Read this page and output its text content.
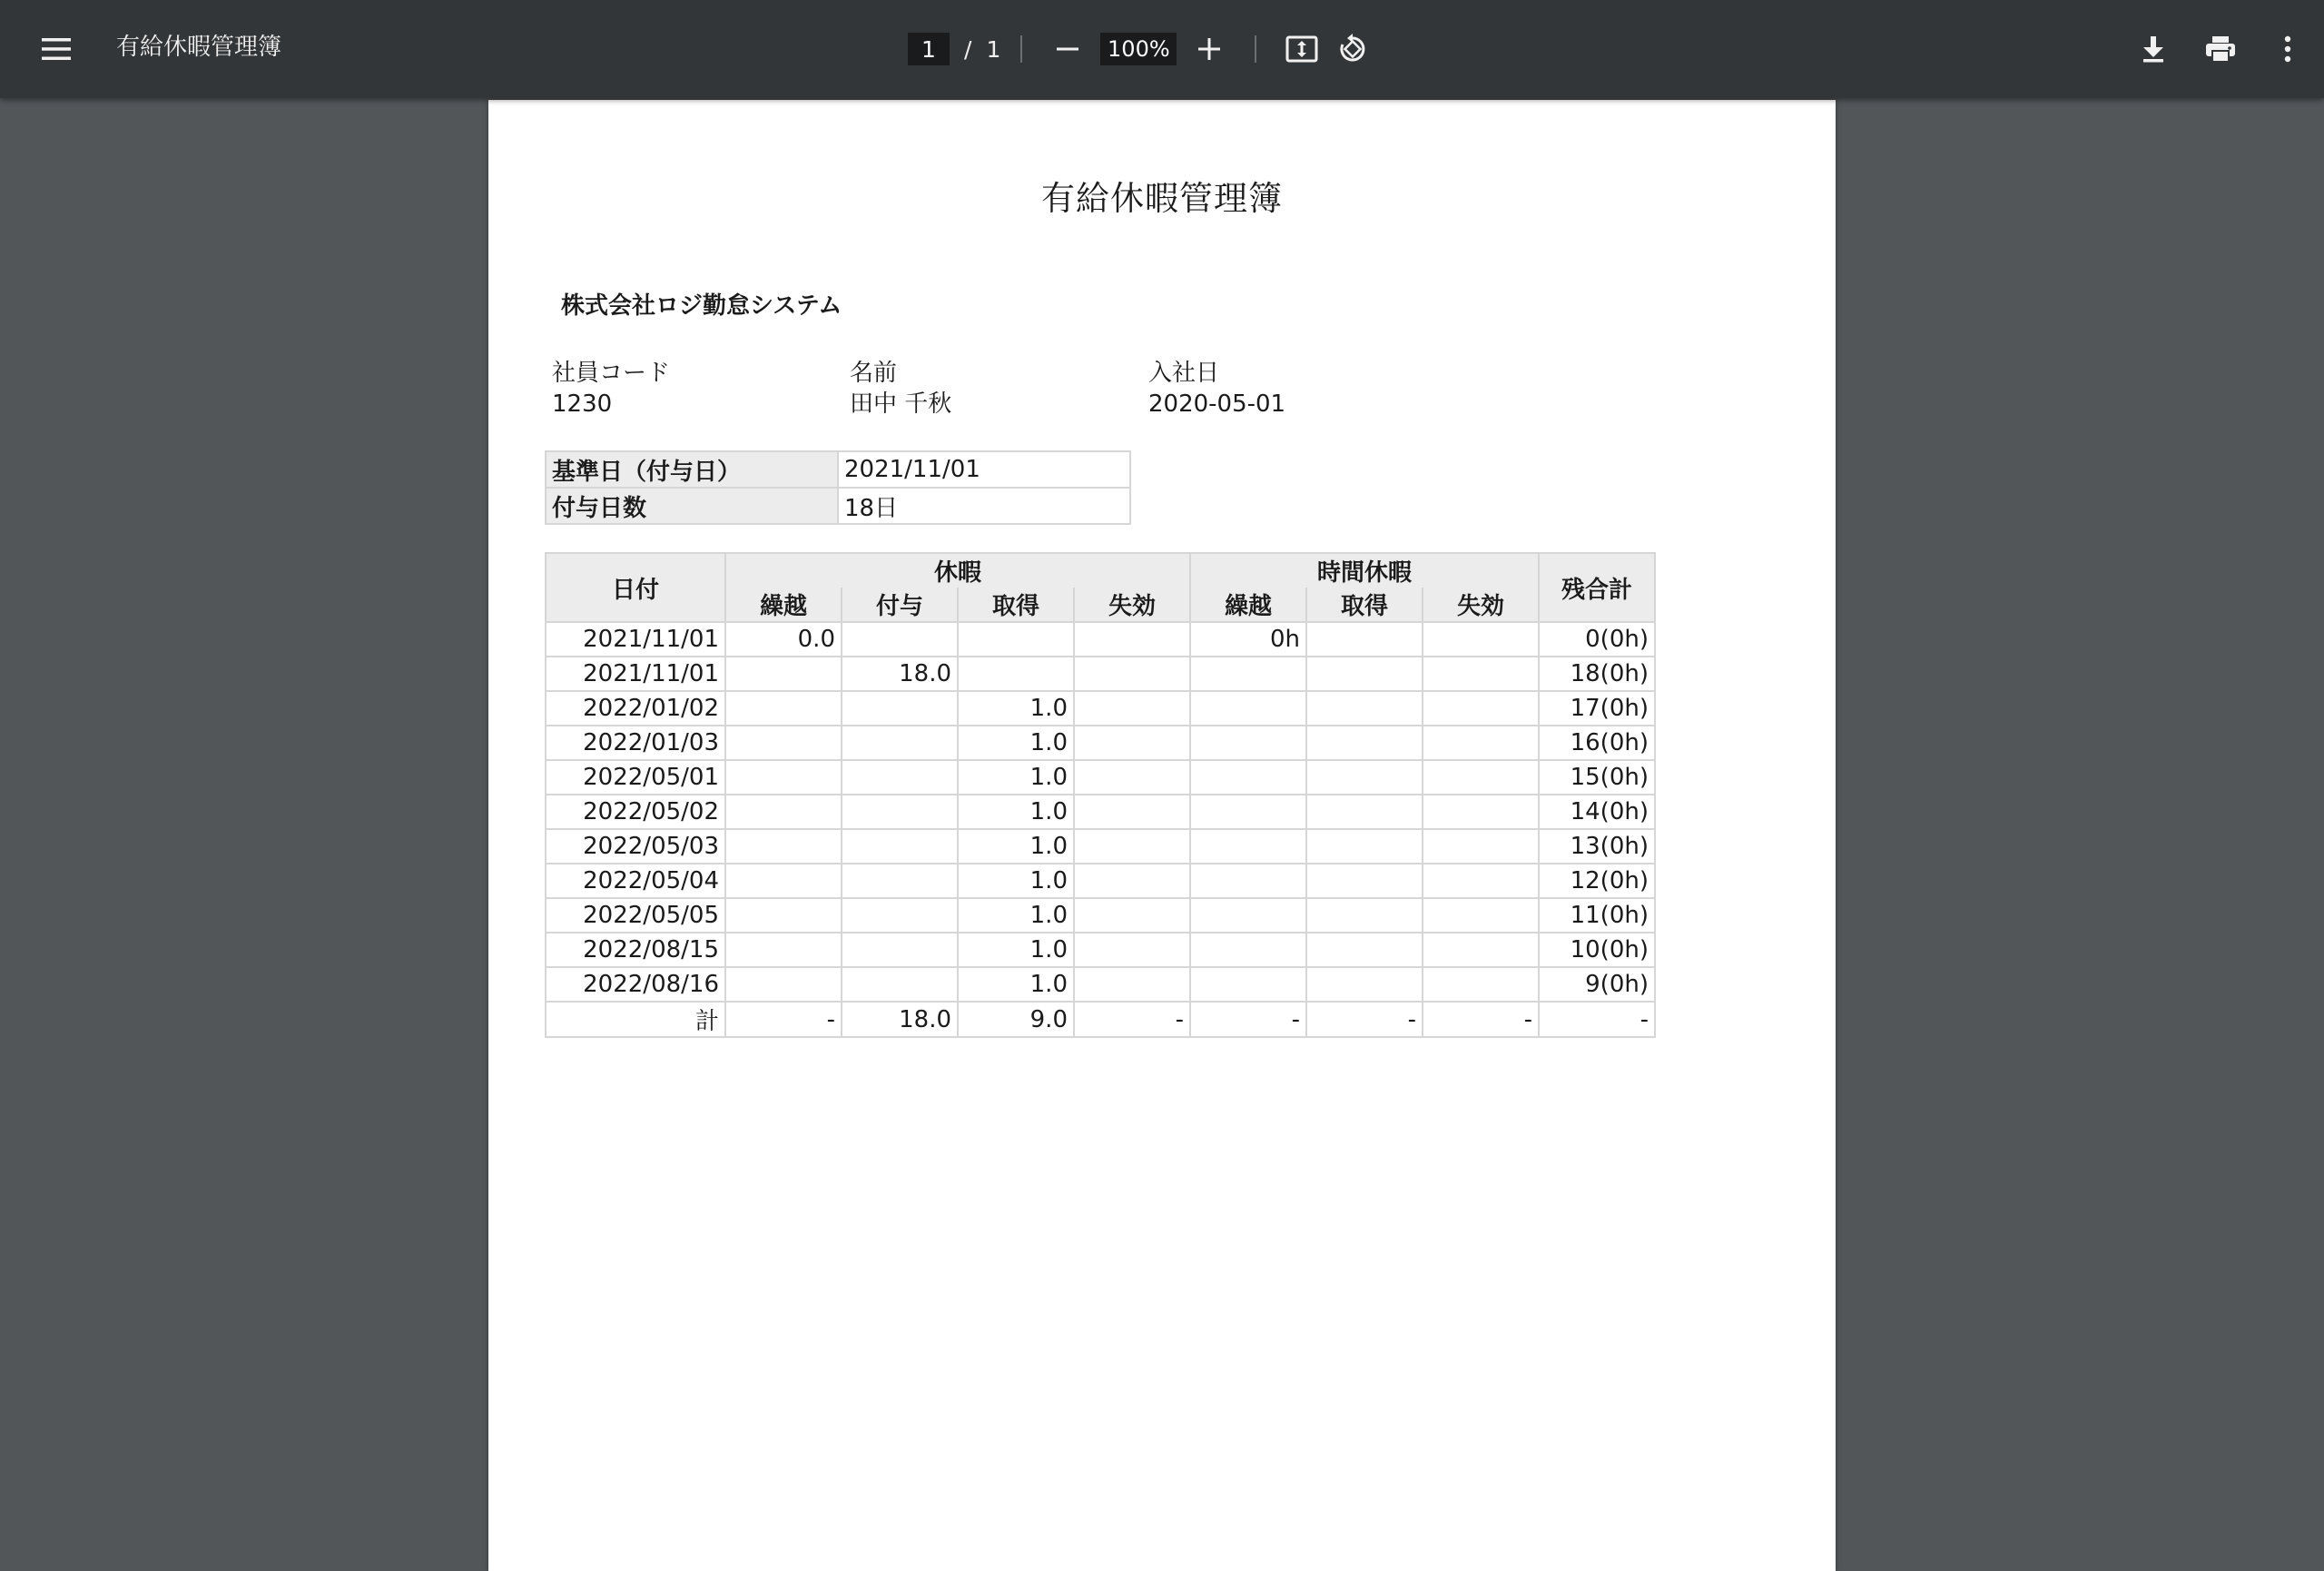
有給休暇管理簿
1	/ 1
100%
有給休暇管理簿
株式会社ロジ勤怠システム
社員コード
1230
名前
田中 千秋
入社日
2020-05-01
基準日（付与日）	2021/11/01
付与日数	18日
日付	休暇				時間休暇			残合計
	繰越	付与	取得	失効	繰越	取得	失効	
2021/11/01	0.0				0h			0(0h)
2021/11/01		18.0						18(0h)
2022/01/02			1.0					17(0h)
2022/01/03			1.0					16(0h)
2022/05/01			1.0					15(0h)
2022/05/02			1.0					14(0h)
2022/05/03			1.0					13(0h)
2022/05/04			1.0					12(0h)
2022/05/05			1.0					11(0h)
2022/08/15			1.0					10(0h)
2022/08/16			1.0					9(0h)
計	-	18.0	9.0	-	-	-	-	-
